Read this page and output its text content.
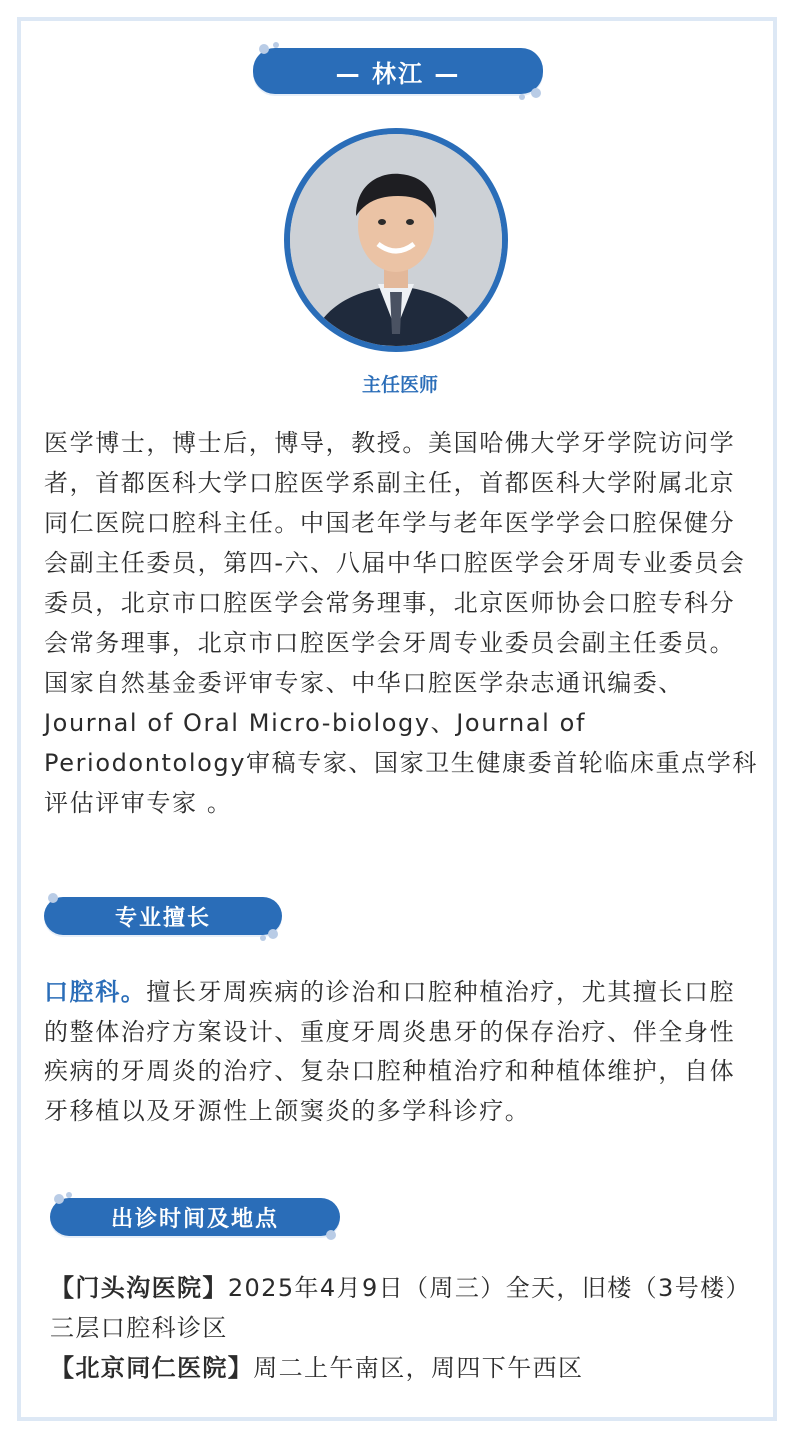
— 林江 —
主任医师
医学博士，博士后，博导，教授。美国哈佛大学牙学院访问学者，首都医科大学口腔医学系副主任，首都医科大学附属北京同仁医院口腔科主任。中国老年学与老年医学学会口腔保健分会副主任委员，第四-六、八届中华口腔医学会牙周专业委员会委员，北京市口腔医学会常务理事，北京医师协会口腔专科分会常务理事，北京市口腔医学会牙周专业委员会副主任委员。 国家自然基金委评审专家、中华口腔医学杂志通讯编委、Journal of Oral Micro-biology、Journal of Periodontology审稿专家、国家卫生健康委首轮临床重点学科评估评审专家 。
专业擅长
口腔科。擅长牙周疾病的诊治和口腔种植治疗，尤其擅长口腔的整体治疗方案设计、重度牙周炎患牙的保存治疗、伴全身性疾病的牙周炎的治疗、复杂口腔种植治疗和种植体维护，自体牙移植以及牙源性上颌窦炎的多学科诊疗。
出诊时间及地点
【门头沟医院】2025年4月9日（周三）全天，旧楼（3号楼）三层口腔科诊区
【北京同仁医院】周二上午南区，周四下午西区
